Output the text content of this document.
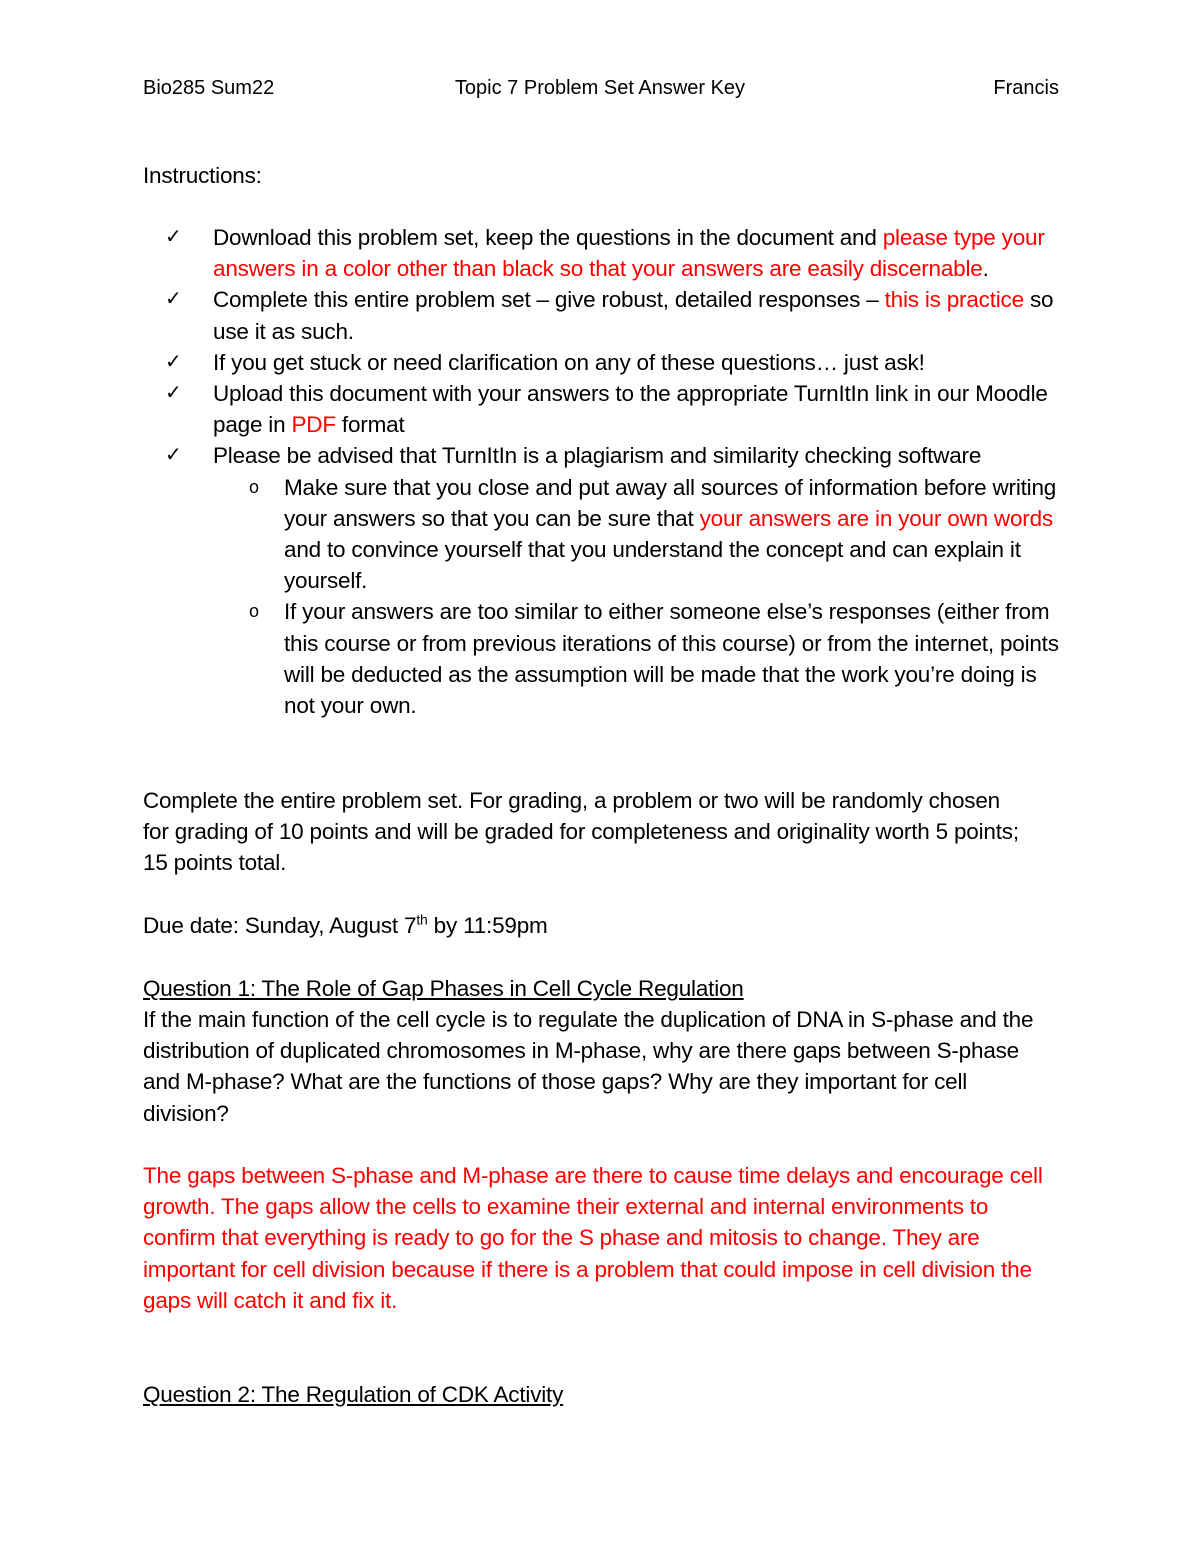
Bio285 Sum22	Topic 7 Problem Set Answer Key	Francis
Instructions:
✓ Download this problem set, keep the questions in the document and please type your answers in a color other than black so that your answers are easily discernable.
✓ Complete this entire problem set – give robust, detailed responses – this is practice so use it as such.
✓ If you get stuck or need clarification on any of these questions… just ask!
✓ Upload this document with your answers to the appropriate TurnItIn link in our Moodle page in PDF format
✓ Please be advised that TurnItIn is a plagiarism and similarity checking software
o Make sure that you close and put away all sources of information before writing your answers so that you can be sure that your answers are in your own words and to convince yourself that you understand the concept and can explain it yourself.
o If your answers are too similar to either someone else’s responses (either from this course or from previous iterations of this course) or from the internet, points will be deducted as the assumption will be made that the work you’re doing is not your own.
Complete the entire problem set. For grading, a problem or two will be randomly chosen for grading of 10 points and will be graded for completeness and originality worth 5 points; 15 points total.
Due date: Sunday, August 7th by 11:59pm
Question 1: The Role of Gap Phases in Cell Cycle Regulation
If the main function of the cell cycle is to regulate the duplication of DNA in S-phase and the distribution of duplicated chromosomes in M-phase, why are there gaps between S-phase and M-phase? What are the functions of those gaps? Why are they important for cell division?
The gaps between S-phase and M-phase are there to cause time delays and encourage cell growth. The gaps allow the cells to examine their external and internal environments to confirm that everything is ready to go for the S phase and mitosis to change. They are important for cell division because if there is a problem that could impose in cell division the gaps will catch it and fix it.
Question 2: The Regulation of CDK Activity
